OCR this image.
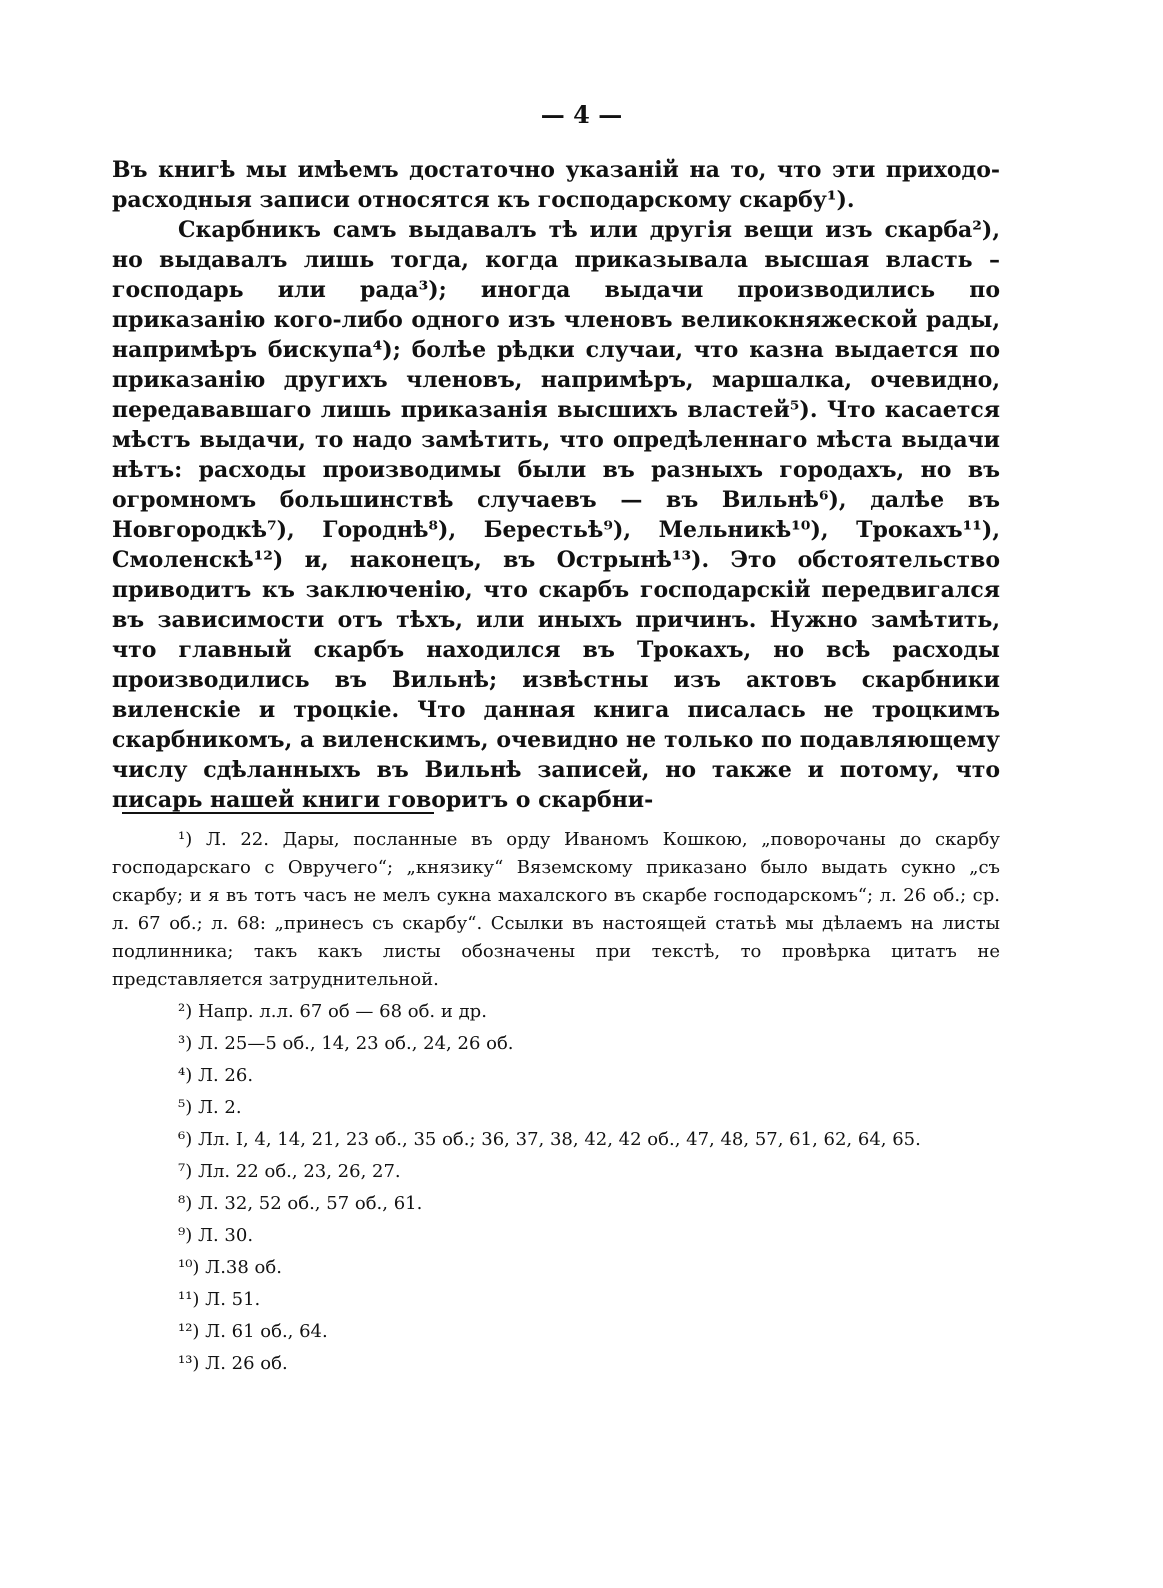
— 4 —

Въ книгѣ мы имѣемъ достаточно указаній на то, что эти приходо-расходныя записи относятся къ господарскому скарбу¹).

Скарбникъ самъ выдавалъ тѣ или другія вещи изъ скарба²), но выдавалъ лишь тогда, когда приказывала высшая власть – господарь или рада³); иногда выдачи производились по приказанію кого-либо одного изъ членовъ великокняжеской рады, напримѣръ бискупа⁴); болѣе рѣдки случаи, что казна выдается по приказанію другихъ членовъ, напримѣръ, маршалка, очевидно, передававшаго лишь приказанія высшихъ властей⁵). Что касается мѣстъ выдачи, то надо замѣтить, что опредѣленнаго мѣста выдачи нѣтъ: расходы производимы были въ разныхъ городахъ, но въ огромномъ большинствѣ случаевъ — въ Вильнѣ⁶), далѣе въ Новгородкѣ⁷), Городнѣ⁸), Берестьѣ⁹), Мельникѣ¹⁰), Трокахъ¹¹), Смоленскѣ¹²) и, наконецъ, въ Острынѣ¹³). Это обстоятельство приводитъ къ заключенію, что скарбъ господарскій передвигался въ зависимости отъ тѣхъ, или иныхъ причинъ. Нужно замѣтить, что главный скарбъ находился въ Трокахъ, но всѣ расходы производились въ Вильнѣ; извѣстны изъ актовъ скарбники виленскіе и троцкіе. Что данная книга писалась не троцкимъ скарбникомъ, а виленскимъ, очевидно не только по подавляющему числу сдѣланныхъ въ Вильнѣ записей, но также и потому, что писарь нашей книги говоритъ о скарбни-

¹) Л. 22. Дары, посланные въ орду Иваномъ Кошкою, „поворочаны до скарбу господарскаго с Овручего“; „князику“ Вяземскому приказано было выдать сукно „съ скарбу; и я въ тотъ часъ не мелъ сукна махалского въ скарбе господарскомъ“; л. 26 об.; ср. л. 67 об.; л. 68: „принесъ съ скарбу“. Ссылки въ настоящей статьѣ мы дѣлаемъ на листы подлинника; такъ какъ листы обозначены при текстѣ, то провѣрка цитатъ не представляется затруднительной.

²) Напр. л.л. 67 об — 68 об. и др.

³) Л. 25—5 об., 14, 23 об., 24, 26 об.

⁴) Л. 26.

⁵) Л. 2.

⁶) Лл. I, 4, 14, 21, 23 об., 35 об.; 36, 37, 38, 42, 42 об., 47, 48, 57, 61, 62, 64, 65.

⁷) Лл. 22 об., 23, 26, 27.

⁸) Л. 32, 52 об., 57 об., 61.

⁹) Л. 30.

¹⁰) Л.38 об.

¹¹) Л. 51.

¹²) Л. 61 об., 64.

¹³) Л. 26 об.
